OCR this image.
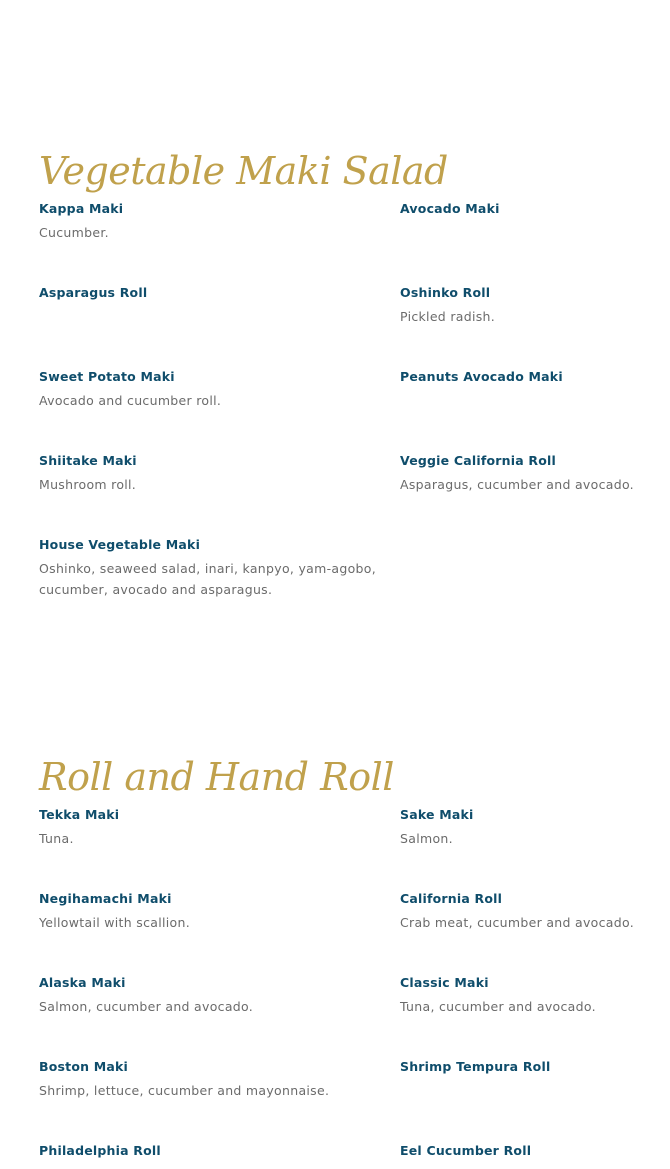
Vegetable Maki Salad
Kappa Maki
Cucumber.
Avocado Maki
Asparagus Roll	Oshinko Roll
Pickled radish.
Sweet Potato Maki
Avocado and cucumber roll.
Peanuts Avocado Maki
Shiitake Maki
Mushroom roll.
Veggie California Roll
Asparagus, cucumber and avocado.
House Vegetable Maki
Oshinko, seaweed salad, inari, kanpyo, yam-agobo, cucumber, avocado and asparagus.
Roll and Hand Roll
Tekka Maki
Tuna.
Sake Maki
Salmon.
Negihamachi Maki
Yellowtail with scallion.
California Roll
Crab meat, cucumber and avocado.
Alaska Maki
Salmon, cucumber and avocado.
Classic Maki
Tuna, cucumber and avocado.
Boston Maki
Shrimp, lettuce, cucumber and mayonnaise.
Shrimp Tempura Roll
Philadelphia Roll	Eel Cucumber Roll
